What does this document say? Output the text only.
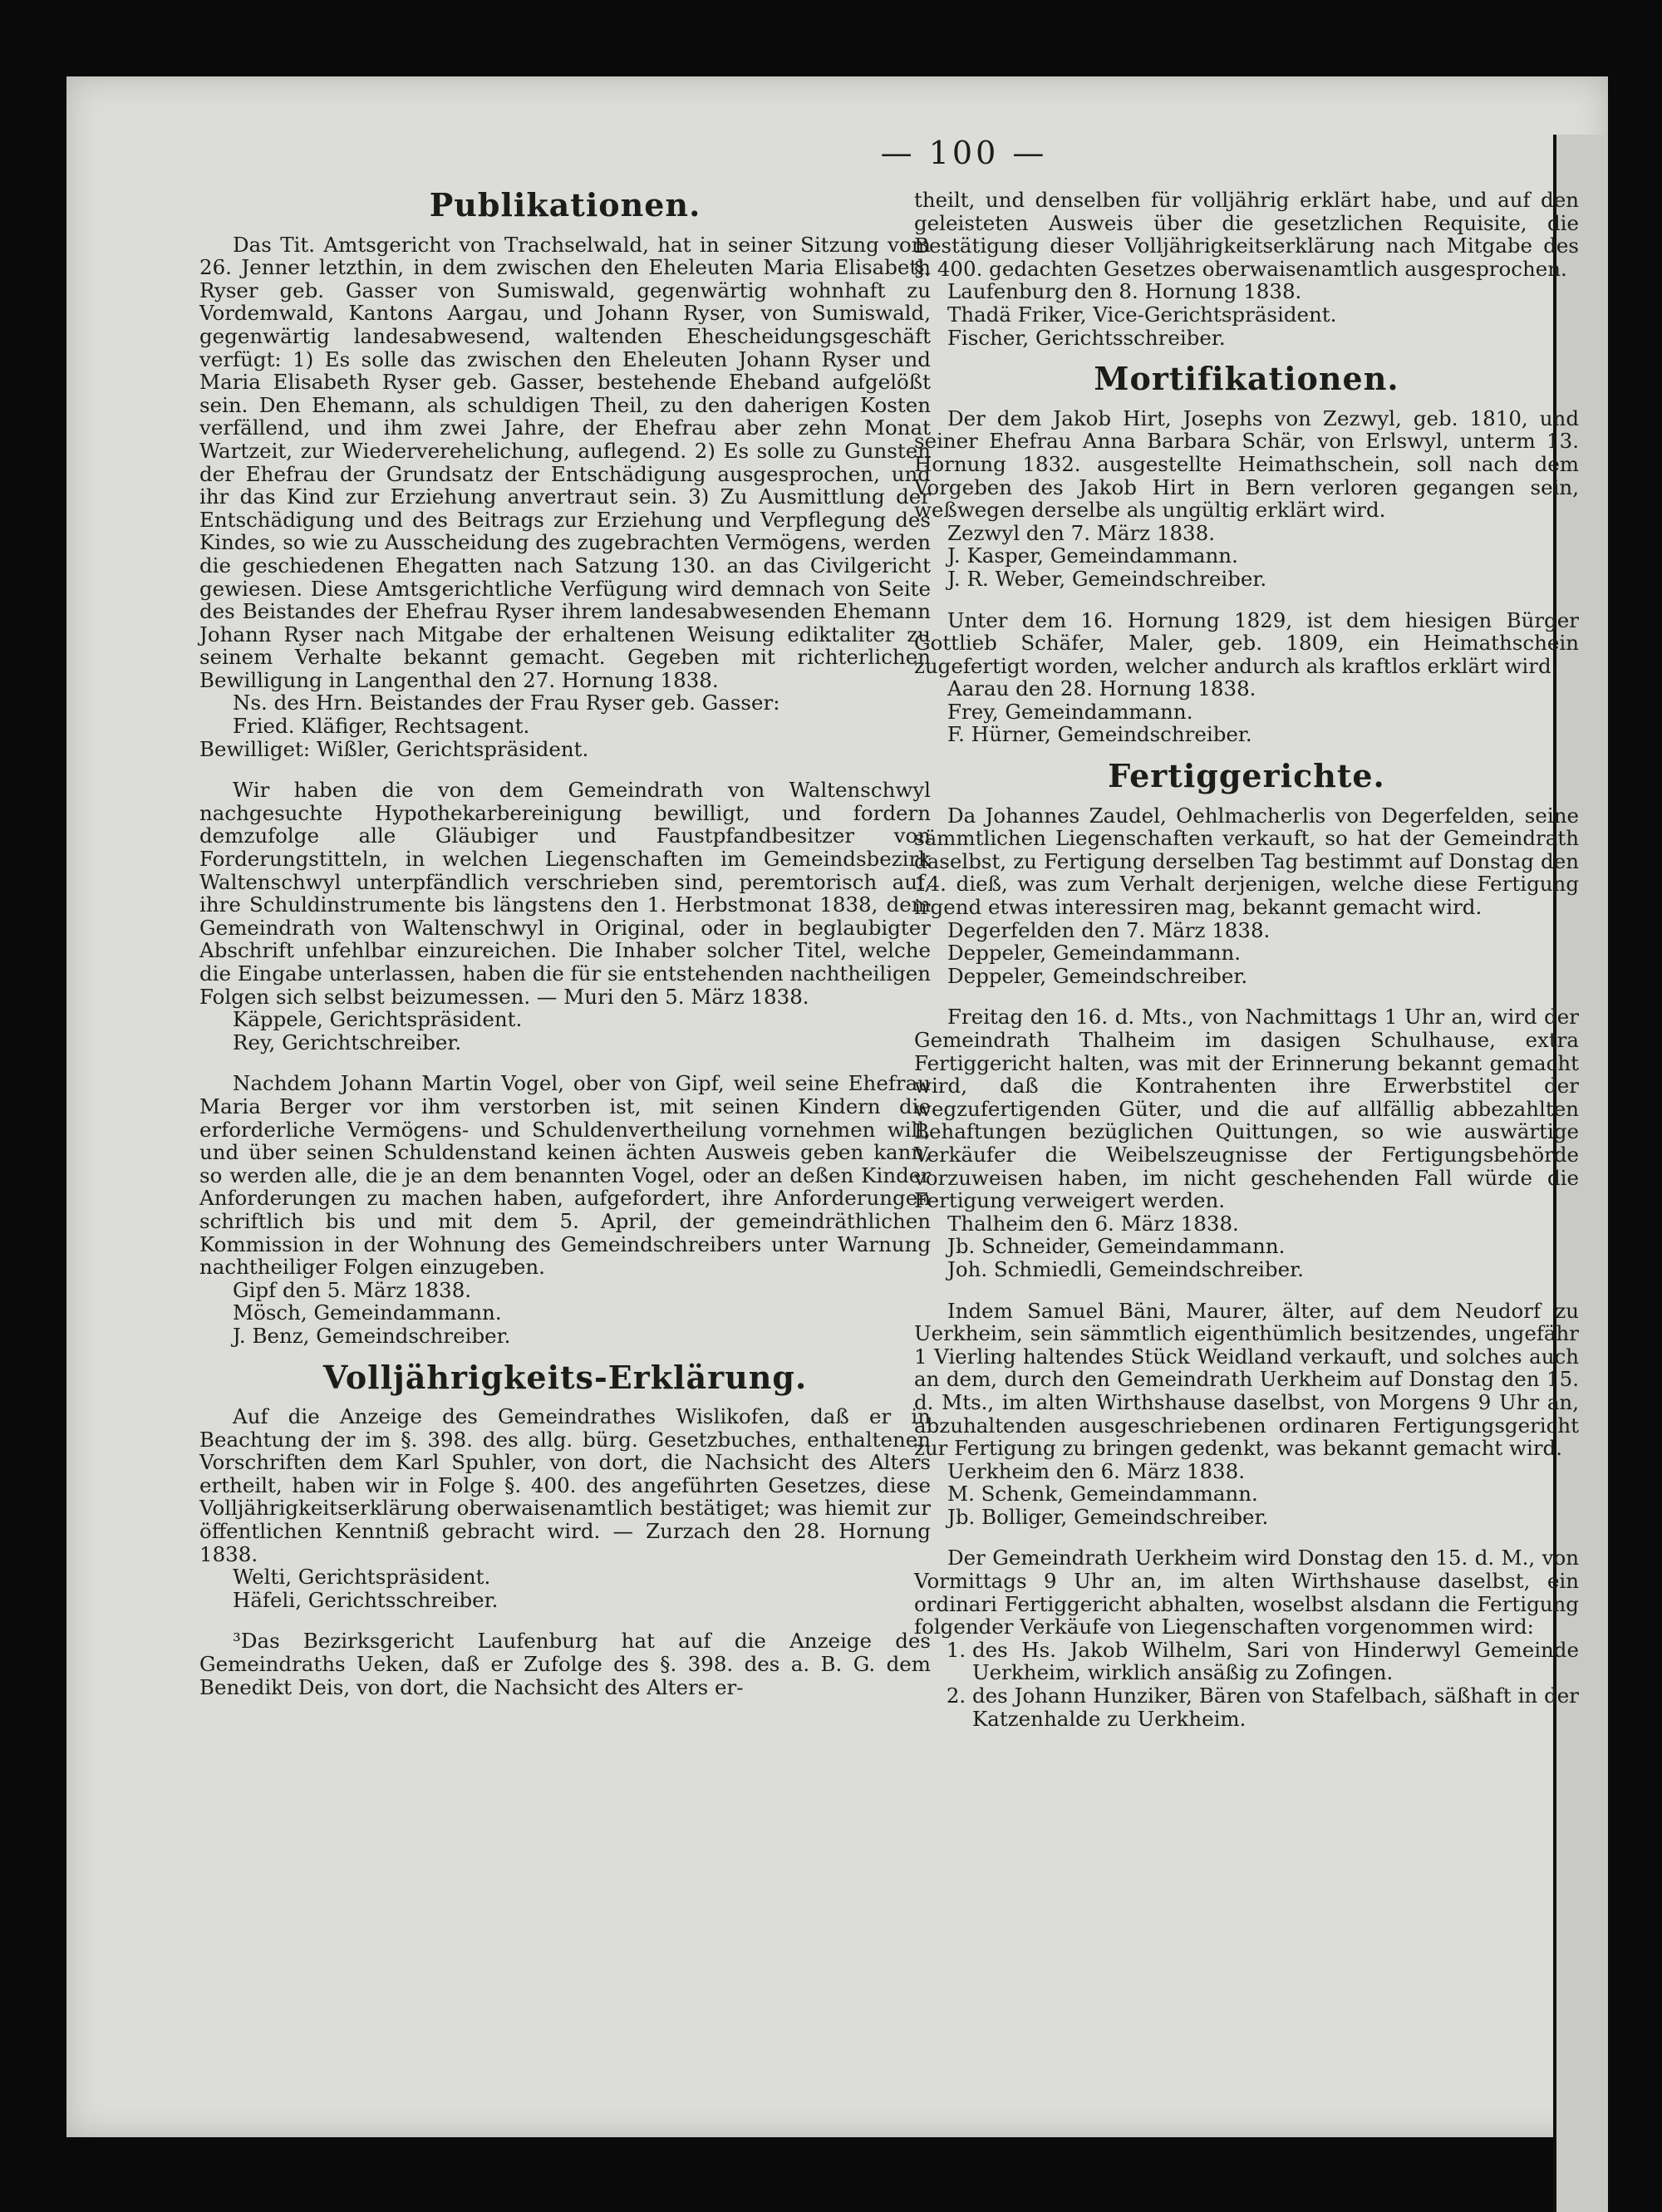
— 100 —
Publikationen.

Das Tit. Amtsgericht von Trachselwald, hat in seiner Sitzung vom 26. Jenner letzthin, in dem zwischen den Eheleuten Maria Elisabeth Ryser geb. Gasser von Sumiswald, gegenwärtig wohnhaft zu Vordemwald, Kantons Aargau, und Johann Ryser, von Sumiswald, gegenwärtig landesabwesend, waltenden Ehescheidungsgeschäft verfügt: 1) Es solle das zwischen den Eheleuten Johann Ryser und Maria Elisabeth Ryser geb. Gasser, bestehende Eheband aufgelößt sein. Den Ehemann, als schuldigen Theil, zu den daherigen Kosten verfällend, und ihm zwei Jahre, der Ehefrau aber zehn Monat Wartzeit, zur Wiederverehelichung, auflegend. 2) Es solle zu Gunsten der Ehefrau der Grundsatz der Entschädigung ausgesprochen, und ihr das Kind zur Erziehung anvertraut sein. 3) Zu Ausmittlung der Entschädigung und des Beitrags zur Erziehung und Verpflegung des Kindes, so wie zu Ausscheidung des zugebrachten Vermögens, werden die geschiedenen Ehegatten nach Satzung 130. an das Civilgericht gewiesen. Diese Amtsgerichtliche Verfügung wird demnach von Seite des Beistandes der Ehefrau Ryser ihrem landesabwesenden Ehemann Johann Ryser nach Mitgabe der erhaltenen Weisung ediktaliter zu seinem Verhalte bekannt gemacht. Gegeben mit richterlichen Bewilligung in Langenthal den 27. Hornung 1838.

Ns. des Hrn. Beistandes der Frau Ryser geb. Gasser:

Fried. Kläfiger, Rechtsagent.

Bewilliget: Wißler, Gerichtspräsident.

Wir haben die von dem Gemeindrath von Waltenschwyl nachgesuchte Hypothekarbereinigung bewilligt, und fordern demzufolge alle Gläubiger und Faustpfandbesitzer von Forderungstitteln, in welchen Liegenschaften im Gemeindsbezirk Waltenschwyl unterpfändlich verschrieben sind, peremtorisch auf, ihre Schuldinstrumente bis längstens den 1. Herbstmonat 1838, dem Gemeindrath von Waltenschwyl in Original, oder in beglaubigter Abschrift unfehlbar einzureichen. Die Inhaber solcher Titel, welche die Eingabe unterlassen, haben die für sie entstehenden nachtheiligen Folgen sich selbst beizumessen. — Muri den 5. März 1838.

Käppele, Gerichtspräsident.

Rey, Gerichtschreiber.

Nachdem Johann Martin Vogel, ober von Gipf, weil seine Ehefrau Maria Berger vor ihm verstorben ist, mit seinen Kindern die erforderliche Vermögens- und Schuldenvertheilung vornehmen will, und über seinen Schuldenstand keinen ächten Ausweis geben kann, so werden alle, die je an dem benannten Vogel, oder an deßen Kinder Anforderungen zu machen haben, aufgefordert, ihre Anforderungen schriftlich bis und mit dem 5. April, der gemeindräthlichen Kommission in der Wohnung des Gemeindschreibers unter Warnung nachtheiliger Folgen einzugeben.

Gipf den 5. März 1838.

Mösch, Gemeindammann.

J. Benz, Gemeindschreiber.

Volljährigkeits-Erklärung.

Auf die Anzeige des Gemeindrathes Wislikofen, daß er in Beachtung der im §. 398. des allg. bürg. Gesetzbuches, enthaltenen Vorschriften dem Karl Spuhler, von dort, die Nachsicht des Alters ertheilt, haben wir in Folge §. 400. des angeführten Gesetzes, diese Volljährigkeitserklärung oberwaisenamtlich bestätiget; was hiemit zur öffentlichen Kenntniß gebracht wird. — Zurzach den 28. Hornung 1838.

Welti, Gerichtspräsident.

Häfeli, Gerichtsschreiber.

³Das Bezirksgericht Laufenburg hat auf die Anzeige des Gemeindraths Ueken, daß er Zufolge des §. 398. des a. B. G. dem Benedikt Deis, von dort, die Nachsicht des Alters er-

theilt, und denselben für volljährig erklärt habe, und auf den geleisteten Ausweis über die gesetzlichen Requisite, die Bestätigung dieser Volljährigkeitserklärung nach Mitgabe des §. 400. gedachten Gesetzes oberwaisenamtlich ausgesprochen.

Laufenburg den 8. Hornung 1838.

Thadä Friker, Vice-Gerichtspräsident.

Fischer, Gerichtsschreiber.

Mortifikationen.

Der dem Jakob Hirt, Josephs von Zezwyl, geb. 1810, und seiner Ehefrau Anna Barbara Schär, von Erlswyl, unterm 13. Hornung 1832. ausgestellte Heimathschein, soll nach dem Vorgeben des Jakob Hirt in Bern verloren gegangen sein, weßwegen derselbe als ungültig erklärt wird.

Zezwyl den 7. März 1838.

J. Kasper, Gemeindammann.

J. R. Weber, Gemeindschreiber.

Unter dem 16. Hornung 1829, ist dem hiesigen Bürger Gottlieb Schäfer, Maler, geb. 1809, ein Heimathschein zugefertigt worden, welcher andurch als kraftlos erklärt wird.

Aarau den 28. Hornung 1838.

Frey, Gemeindammann.

F. Hürner, Gemeindschreiber.

Fertiggerichte.

Da Johannes Zaudel, Oehlmacherlis von Degerfelden, seine sämmtlichen Liegenschaften verkauft, so hat der Gemeindrath daselbst, zu Fertigung derselben Tag bestimmt auf Donstag den 14. dieß, was zum Verhalt derjenigen, welche diese Fertigung irgend etwas interessiren mag, bekannt gemacht wird.

Degerfelden den 7. März 1838.

Deppeler, Gemeindammann.

Deppeler, Gemeindschreiber.

Freitag den 16. d. Mts., von Nachmittags 1 Uhr an, wird der Gemeindrath Thalheim im dasigen Schulhause, extra Fertiggericht halten, was mit der Erinnerung bekannt gemacht wird, daß die Kontrahenten ihre Erwerbstitel der wegzufertigenden Güter, und die auf allfällig abbezahlten Behaftungen bezüglichen Quittungen, so wie auswärtige Verkäufer die Weibelszeugnisse der Fertigungsbehörde vorzuweisen haben, im nicht geschehenden Fall würde die Fertigung verweigert werden.

Thalheim den 6. März 1838.

Jb. Schneider, Gemeindammann.

Joh. Schmiedli, Gemeindschreiber.

Indem Samuel Bäni, Maurer, älter, auf dem Neudorf zu Uerkheim, sein sämmtlich eigenthümlich besitzendes, ungefähr 1 Vierling haltendes Stück Weidland verkauft, und solches auch an dem, durch den Gemeindrath Uerkheim auf Donstag den 15. d. Mts., im alten Wirthshause daselbst, von Morgens 9 Uhr an, abzuhaltenden ausgeschriebenen ordinaren Fertigungsgericht zur Fertigung zu bringen gedenkt, was bekannt gemacht wird.

Uerkheim den 6. März 1838.

M. Schenk, Gemeindammann.

Jb. Bolliger, Gemeindschreiber.

Der Gemeindrath Uerkheim wird Donstag den 15. d. M., von Vormittags 9 Uhr an, im alten Wirthshause daselbst, ein ordinari Fertiggericht abhalten, woselbst alsdann die Fertigung folgender Verkäufe von Liegenschaften vorgenommen wird:

1. des Hs. Jakob Wilhelm, Sari von Hinderwyl Gemeinde Uerkheim, wirklich ansäßig zu Zofingen.
2. des Johann Hunziker, Bären von Stafelbach, säßhaft in der Katzenhalde zu Uerkheim.
